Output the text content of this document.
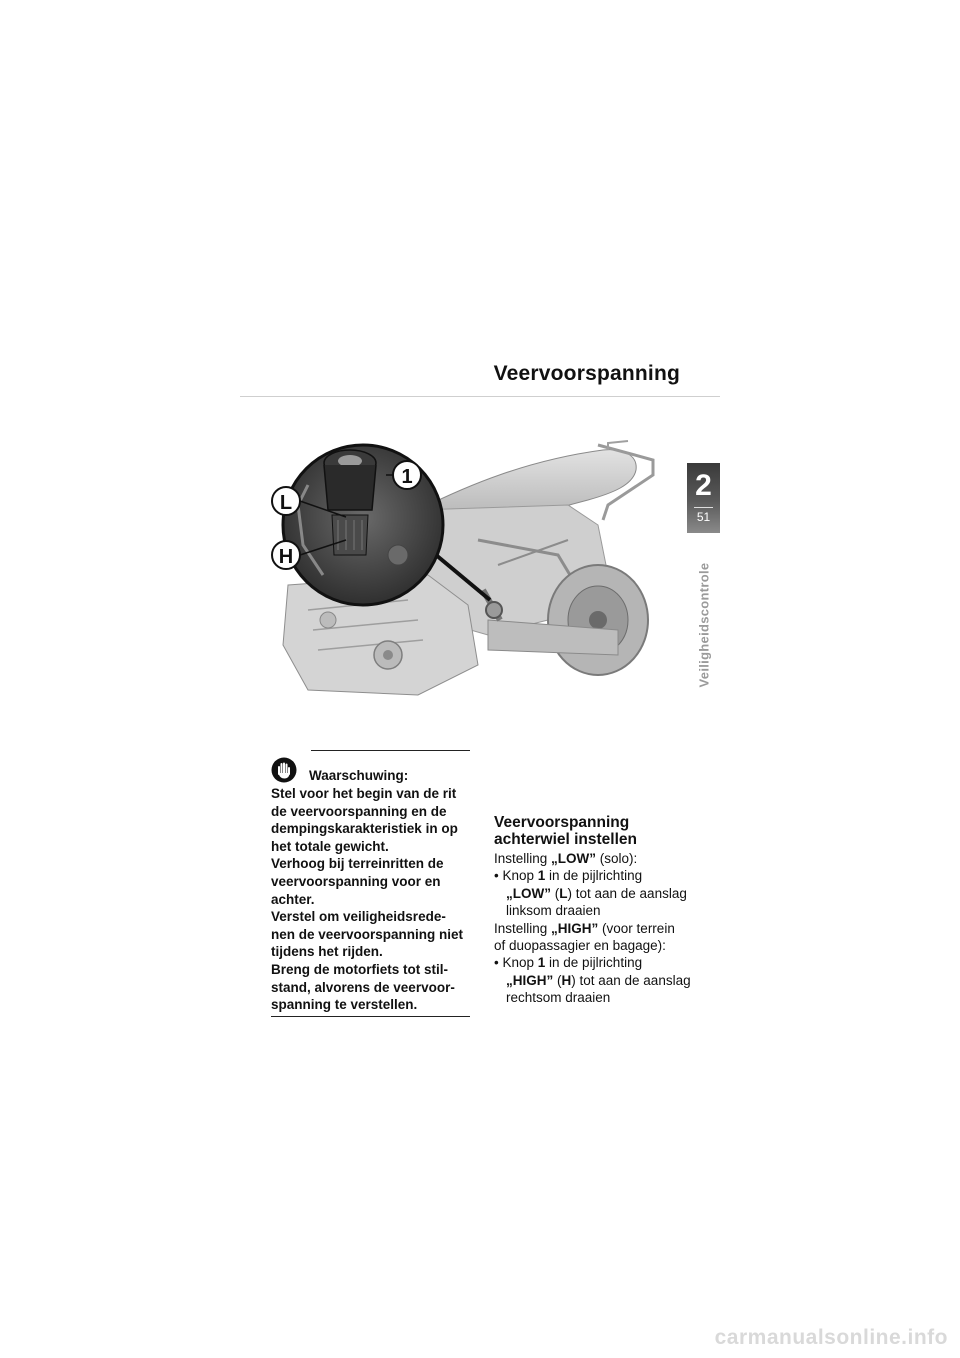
Veervoorspanning
2
51
Veiligheidscontrole
1
L
H
Waarschuwing:
Stel voor het begin van de rit
de veervoorspanning en de
dempingskarakteristiek in op
het totale gewicht.
Verhoog bij terreinritten de
veervoorspanning voor en
achter.
Verstel om veiligheidsrede-
nen de veervoorspanning niet
tijdens het rijden.
Breng de motorfiets tot stil-
stand, alvorens de veervoor-
spanning te verstellen.
Veervoorspanning
achterwiel instellen

Instelling „LOW” (solo):

• Knop 1 in de pijlrichting
„LOW” (L) tot aan de aanslag
linksom draaien

Instelling „HIGH” (voor terrein
of duopassagier en bagage):

• Knop 1 in de pijlrichting
„HIGH” (H) tot aan de aanslag
rechtsom draaien

carmanualsonline.info
